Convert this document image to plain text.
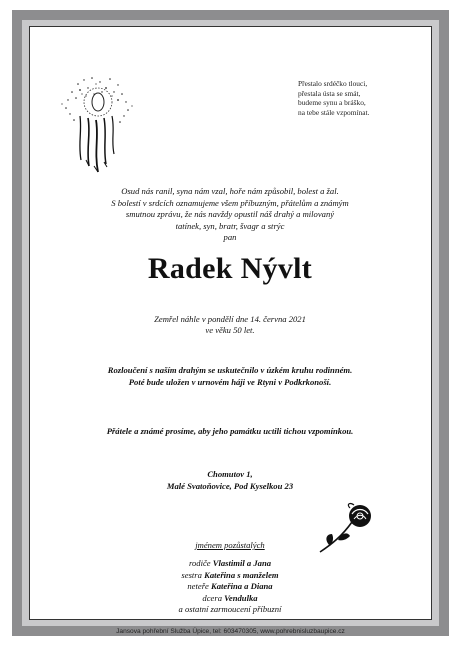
Přestalo srdéčko tlouci,
přestala ústa se smát,
budeme synu a bráško,
na tebe stále vzpomínat.
Osud nás ranil, syna nám vzal, hoře nám způsobil, bolest a žal.
S bolestí v srdcích oznamujeme všem příbuzným, přátelům a známým
smutnou zprávu, že nás navždy opustil náš drahý a milovaný
tatínek, syn, bratr, švagr a strýc
pan
Radek Nývlt
Zemřel náhle v pondělí dne 14. června 2021
ve věku 50 let.
Rozloučení s naším drahým se uskutečnilo v úzkém kruhu rodinném.
Poté bude uložen v urnovém háji ve Rtyni v Podkrkonoší.
Přátele a známé prosíme, aby jeho památku uctili tichou vzpomínkou.
Chomutov 1,
Malé Svatoňovice, Pod Kyselkou 23
jménem pozůstalých
rodiče Vlastimil a Jana
sestra Kateřina s manželem
neteře Kateřina a Diana
dcera Vendulka
a ostatní zarmoucení příbuzní
Jansova pohřební Služba Úpice, tel: 603470305, www.pohrebnisluzbaupice.cz
